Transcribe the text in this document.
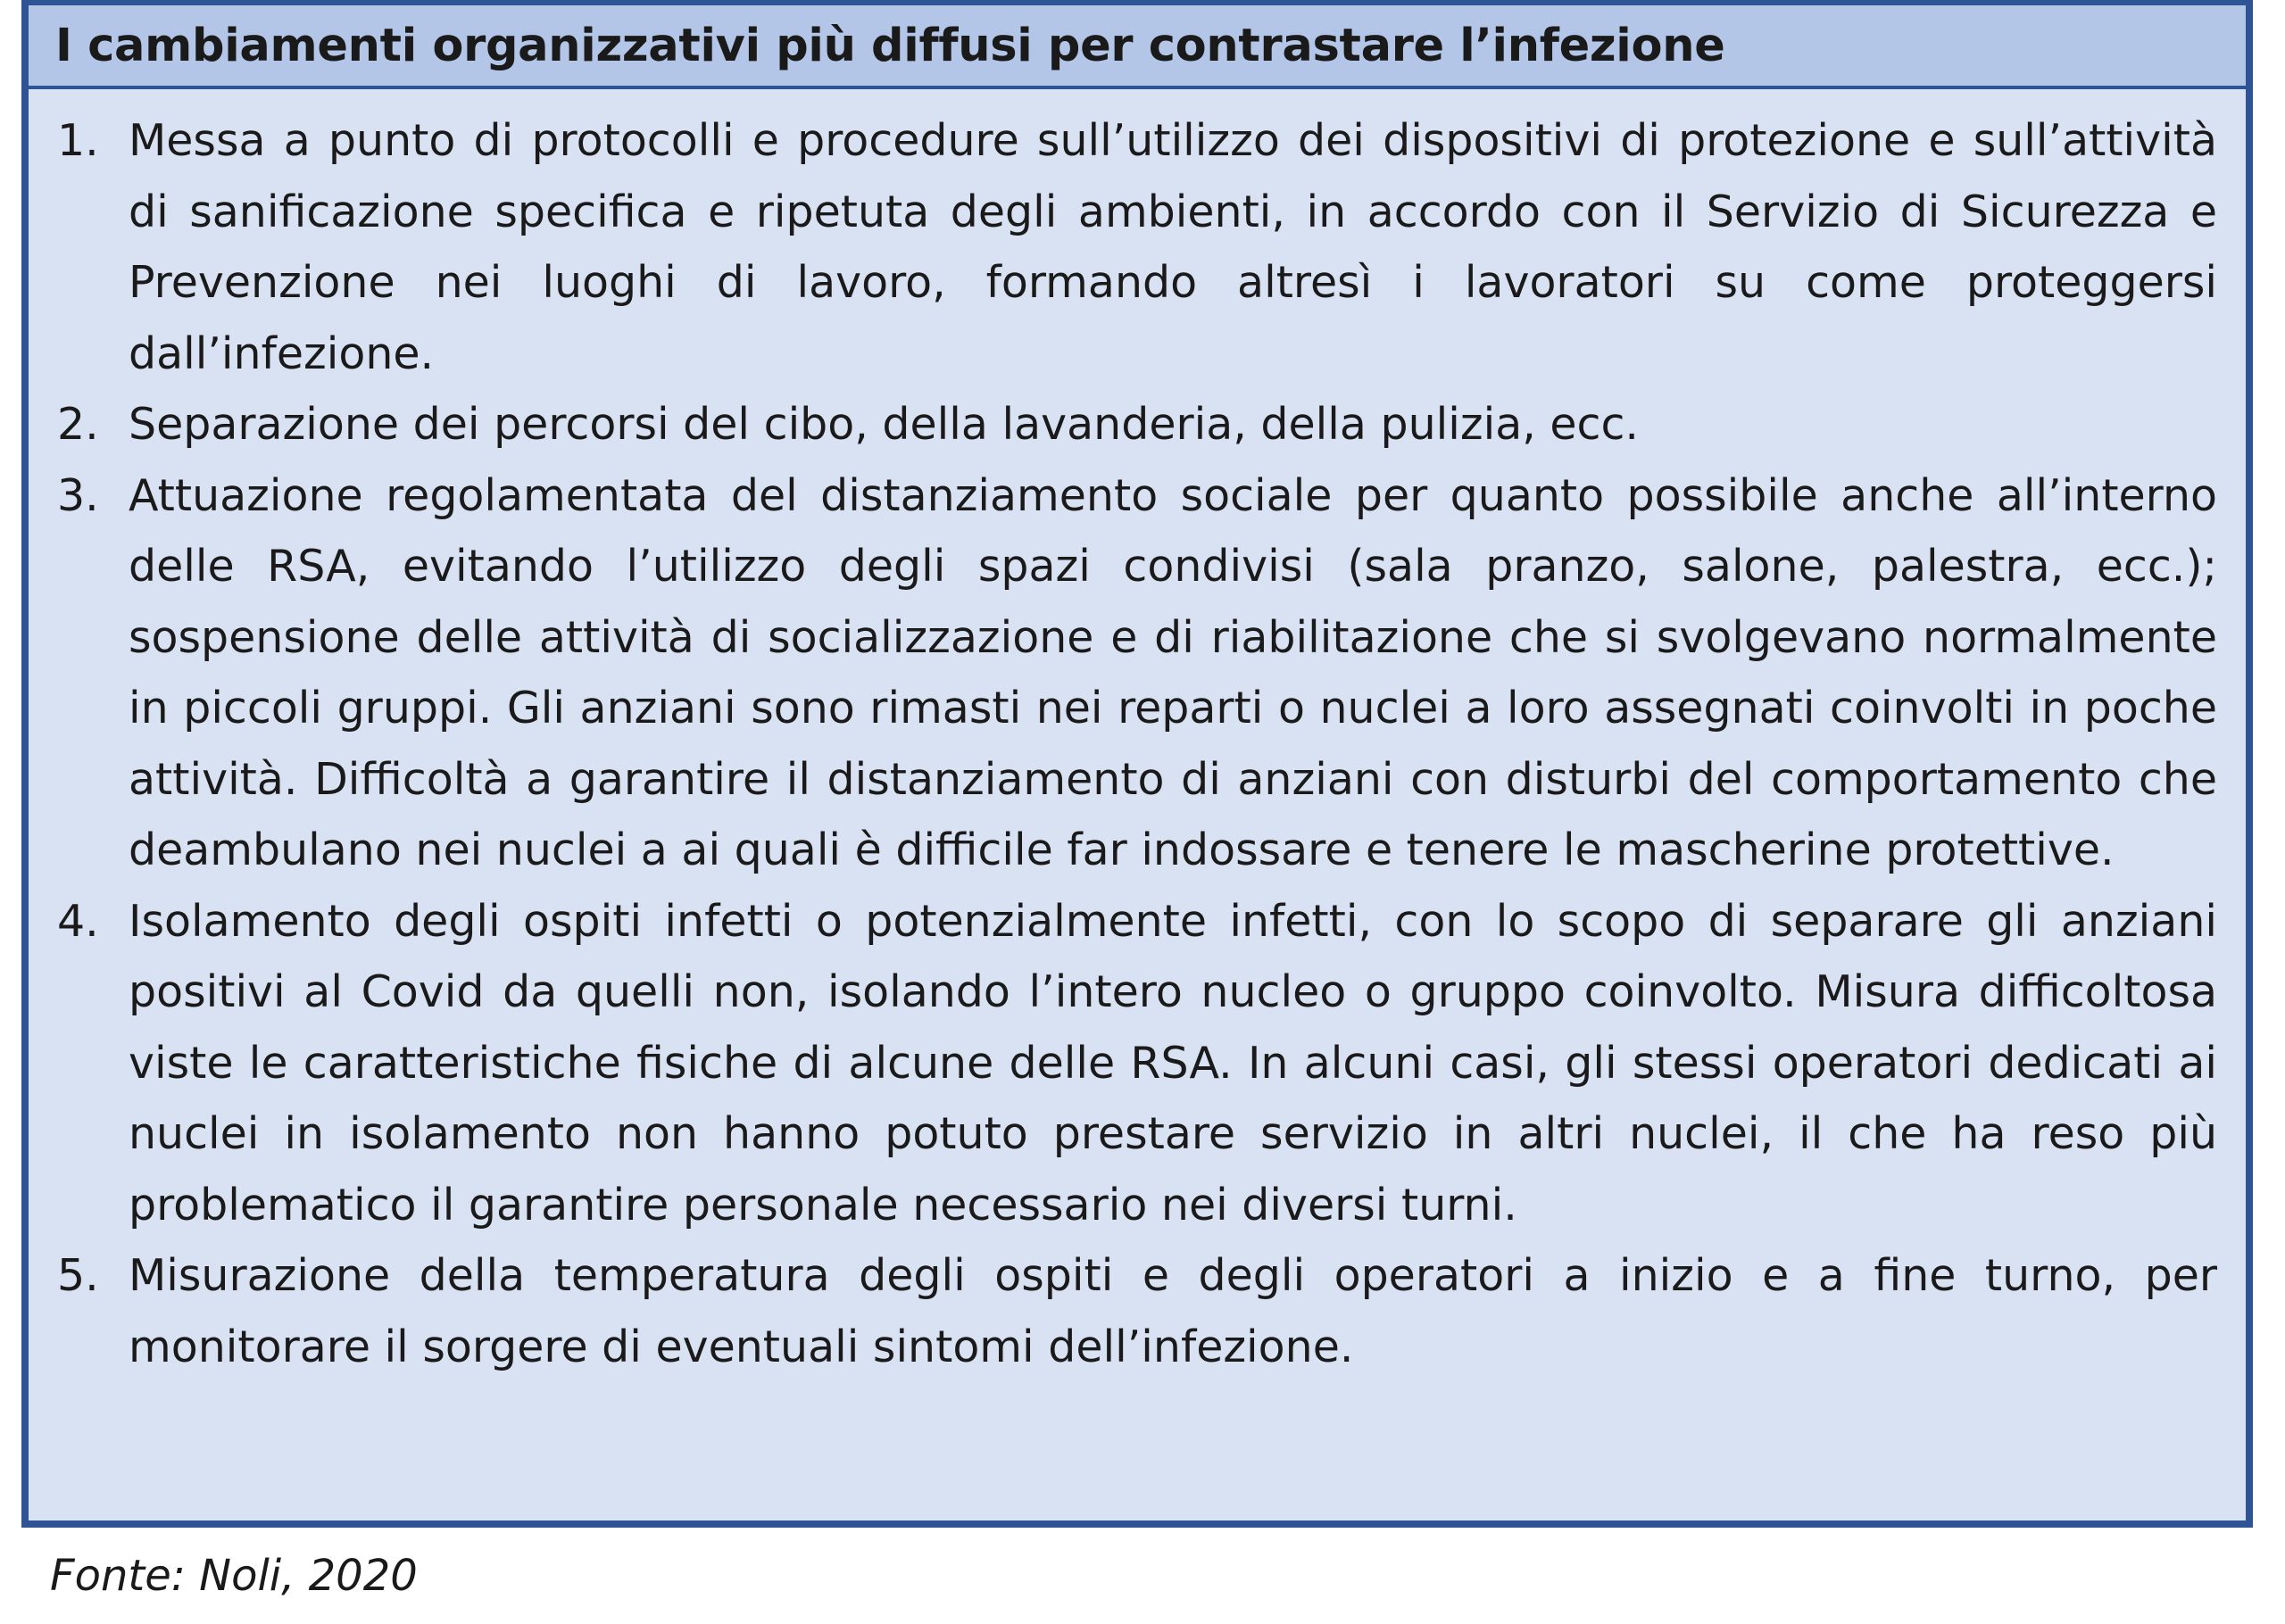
I cambiamenti organizzativi più diffusi per contrastare l’infezione
1. Messa a punto di protocolli e procedure sull’utilizzo dei dispositivi di protezione e sull’attività di sanificazione specifica e ripetuta degli ambienti, in accordo con il Servizio di Sicurezza e Prevenzione nei luoghi di lavoro, formando altresì i lavoratori su come proteggersi dall’infezione.
2. Separazione dei percorsi del cibo, della lavanderia, della pulizia, ecc.
3. Attuazione regolamentata del distanziamento sociale per quanto possibile anche all’interno delle RSA, evitando l’utilizzo degli spazi condivisi (sala pranzo, salone, palestra, ecc.); sospensione delle attività di socializzazione e di riabilitazione che si svolgevano normalmente in piccoli gruppi. Gli anziani sono rimasti nei reparti o nuclei a loro assegnati coinvolti in poche attività. Difficoltà a garantire il distanziamento di anziani con disturbi del comportamento che deambulano nei nuclei a ai quali è difficile far indossare e tenere le mascherine protettive.
4. Isolamento degli ospiti infetti o potenzialmente infetti, con lo scopo di separare gli anziani positivi al Covid da quelli non, isolando l’intero nucleo o gruppo coinvolto. Misura difficoltosa viste le caratteristiche fisiche di alcune delle RSA. In alcuni casi, gli stessi operatori dedicati ai nuclei in isolamento non hanno potuto prestare servizio in altri nuclei, il che ha reso più problematico il garantire personale necessario nei diversi turni.
5. Misurazione della temperatura degli ospiti e degli operatori a inizio e a fine turno, per monitorare il sorgere di eventuali sintomi dell’infezione.
Fonte: Noli, 2020
